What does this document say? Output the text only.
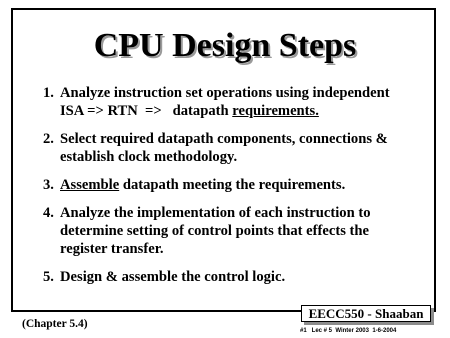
CPU Design Steps
1. Analyze instruction set operations using independent
ISA => RTN  =>   datapath requirements.
2. Select required datapath components, connections &
establish clock methodology.
3. Assemble datapath meeting the requirements.
4. Analyze the implementation of each instruction to
determine setting of control points that effects the
register transfer.
5. Design & assemble the control logic.
(Chapter 5.4)
EECC550 - Shaaban
#1   Lec # 5  Winter 2003  1-6-2004
